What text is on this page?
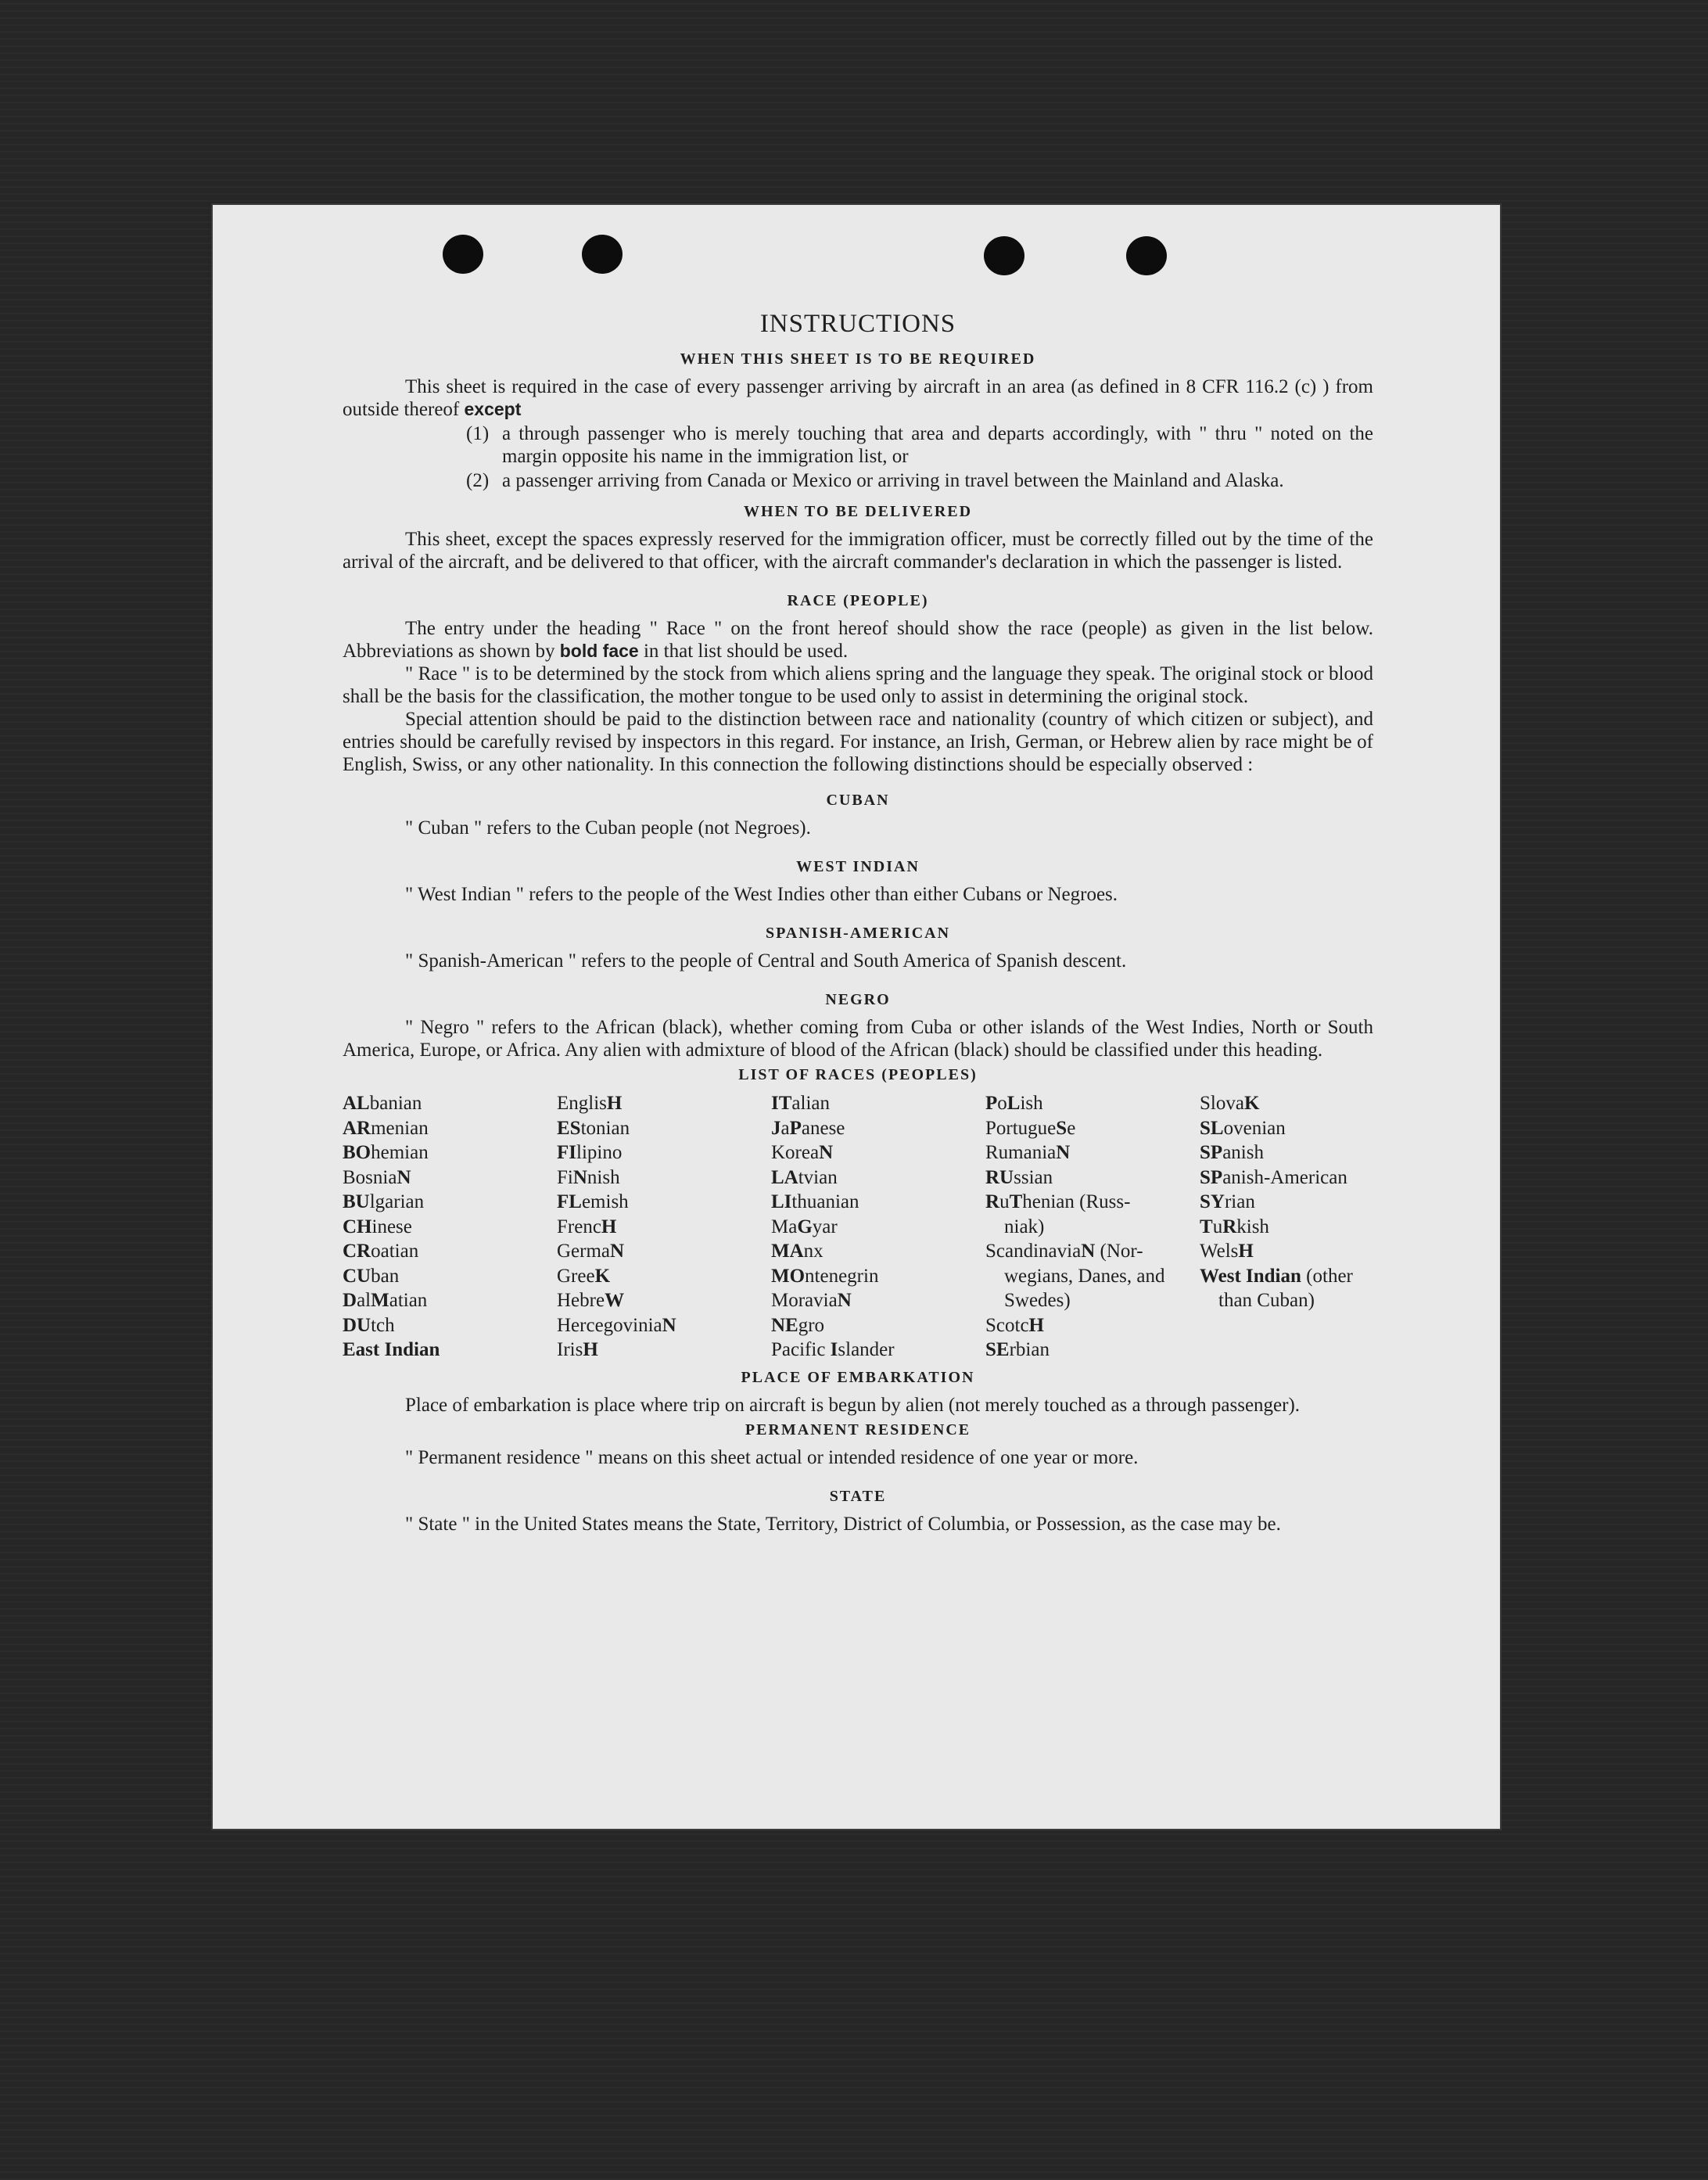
INSTRUCTIONS
WHEN THIS SHEET IS TO BE REQUIRED

This sheet is required in the case of every passenger arriving by aircraft in an area (as defined in 8 CFR 116.2 (c) ) from outside thereof except

(1) a through passenger who is merely touching that area and departs accordingly, with " thru " noted on the margin opposite his name in the immigration list, or
(2) a passenger arriving from Canada or Mexico or arriving in travel between the Mainland and Alaska.
WHEN TO BE DELIVERED

This sheet, except the spaces expressly reserved for the immigration officer, must be correctly filled out by the time of the arrival of the aircraft, and be delivered to that officer, with the aircraft commander's declaration in which the passenger is listed.

RACE (PEOPLE)

The entry under the heading " Race " on the front hereof should show the race (people) as given in the list below. Abbreviations as shown by bold face in that list should be used.

" Race " is to be determined by the stock from which aliens spring and the language they speak. The original stock or blood shall be the basis for the classification, the mother tongue to be used only to assist in determining the original stock.

Special attention should be paid to the distinction between race and nationality (country of which citizen or subject), and entries should be carefully revised by inspectors in this regard. For instance, an Irish, German, or Hebrew alien by race might be of English, Swiss, or any other nationality. In this connection the following distinctions should be especially observed :

CUBAN

" Cuban " refers to the Cuban people (not Negroes).

WEST INDIAN

" West Indian " refers to the people of the West Indies other than either Cubans or Negroes.

SPANISH-AMERICAN

" Spanish-American " refers to the people of Central and South America of Spanish descent.

NEGRO

" Negro " refers to the African (black), whether coming from Cuba or other islands of the West Indies, North or South America, Europe, or Africa. Any alien with admixture of blood of the African (black) should be classified under this heading.

LIST OF RACES (PEOPLES)
ALbanian
ARmenian
BOhemian
BosniaN
BUlgarian
CHinese
CRoatian
CUban
DalMatian
DUtch
East Indian
EnglisH
EStonian
FIlipino
FiNnish
FLemish
FrencH
GermaN
GreeK
HebreW
HercegoviniaN
IrisH
ITalian
JaPanese
KoreaN
LAtvian
LIthuanian
MaGyar
MAnx
MOntenegrin
MoraviaN
NEgro
Pacific Islander
PoLish
PortugueSe
RumaniaN
RUssian
RuThenian (Russ-
niak)
ScandinaviaN (Nor-
wegians, Danes, and Swedes)
ScotcH
SErbian
SlovaK
SLovenian
SPanish
SPanish-American
SYrian
TuRkish
WelsH
West Indian (other
than Cuban)
PLACE OF EMBARKATION

Place of embarkation is place where trip on aircraft is begun by alien (not merely touched as a through passenger).

PERMANENT RESIDENCE

" Permanent residence " means on this sheet actual or intended residence of one year or more.

STATE

" State " in the United States means the State, Territory, District of Columbia, or Possession, as the case may be.
